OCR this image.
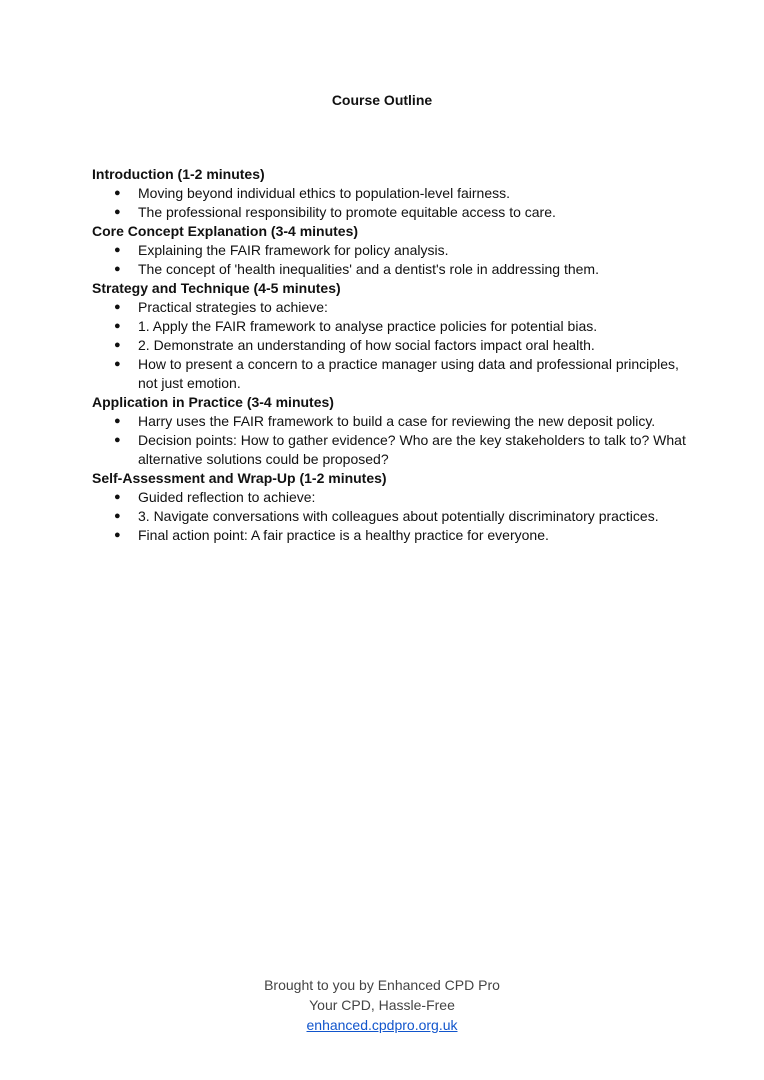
Course Outline
Introduction (1-2 minutes)
● Moving beyond individual ethics to population-level fairness.
● The professional responsibility to promote equitable access to care.
Core Concept Explanation (3-4 minutes)
● Explaining the FAIR framework for policy analysis.
● The concept of 'health inequalities' and a dentist's role in addressing them.
Strategy and Technique (4-5 minutes)
● Practical strategies to achieve:
● 1. Apply the FAIR framework to analyse practice policies for potential bias.
● 2. Demonstrate an understanding of how social factors impact oral health.
● How to present a concern to a practice manager using data and professional principles, not just emotion.
Application in Practice (3-4 minutes)
● Harry uses the FAIR framework to build a case for reviewing the new deposit policy.
● Decision points: How to gather evidence? Who are the key stakeholders to talk to? What alternative solutions could be proposed?
Self-Assessment and Wrap-Up (1-2 minutes)
● Guided reflection to achieve:
● 3. Navigate conversations with colleagues about potentially discriminatory practices.
● Final action point: A fair practice is a healthy practice for everyone.
Brought to you by Enhanced CPD Pro
Your CPD, Hassle-Free
enhanced.cpdpro.org.uk
